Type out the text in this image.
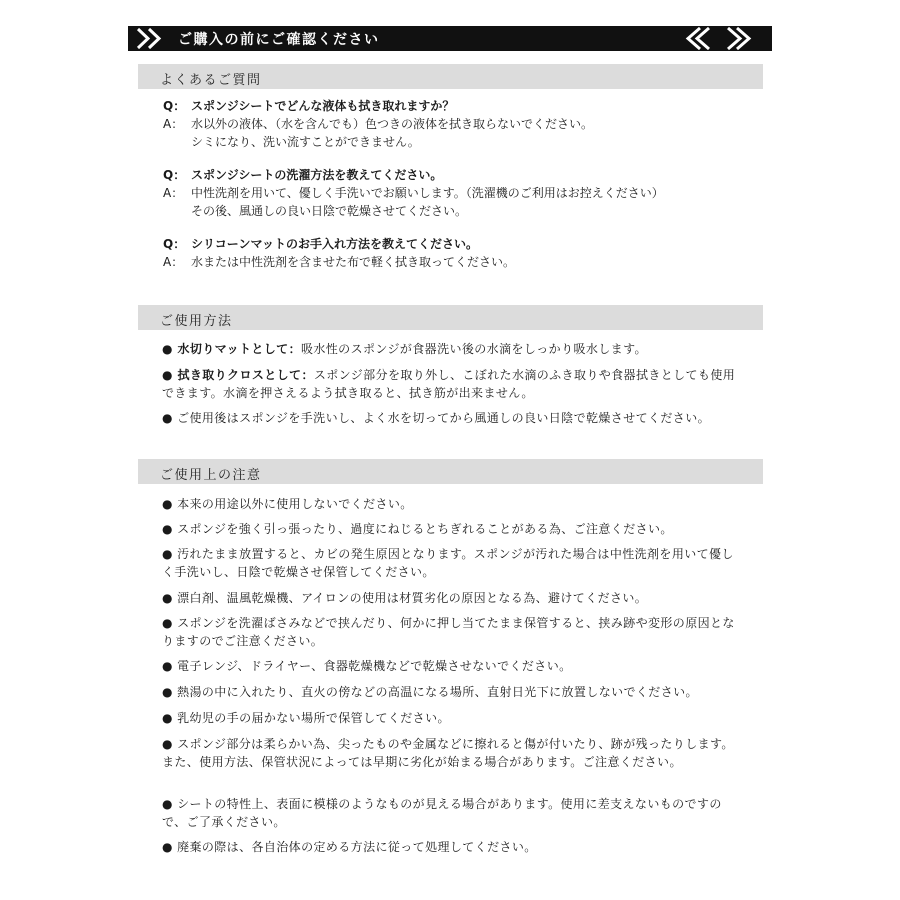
ご購入の前にご確認ください
よくあるご質問
Q： スポンジシートでどんな液体も拭き取れますか？
A： 水以外の液体、（水を含んでも）色つきの液体を拭き取らないでください。
シミになり、洗い流すことができません。
Q： スポンジシートの洗濯方法を教えてください。
A： 中性洗剤を用いて、優しく手洗いでお願いします。（洗濯機のご利用はお控えください）
その後、風通しの良い日陰で乾燥させてください。
Q： シリコーンマットのお手入れ方法を教えてください。
A： 水または中性洗剤を含ませた布で軽く拭き取ってください。
ご使用方法
● 水切りマットとして：吸水性のスポンジが食器洗い後の水滴をしっかり吸水します。
● 拭き取りクロスとして：スポンジ部分を取り外し、こぼれた水滴のふき取りや食器拭きとしても使用できます。水滴を押さえるよう拭き取ると、拭き筋が出来ません。
● ご使用後はスポンジを手洗いし、よく水を切ってから風通しの良い日陰で乾燥させてください。
ご使用上の注意
● 本来の用途以外に使用しないでください。
● スポンジを強く引っ張ったり、過度にねじるとちぎれることがある為、ご注意ください。
● 汚れたまま放置すると、カビの発生原因となります。スポンジが汚れた場合は中性洗剤を用いて優しく手洗いし、日陰で乾燥させ保管してください。
● 漂白剤、温風乾燥機、アイロンの使用は材質劣化の原因となる為、避けてください。
● スポンジを洗濯ばさみなどで挟んだり、何かに押し当てたまま保管すると、挟み跡や変形の原因となりますのでご注意ください。
● 電子レンジ、ドライヤー、食器乾燥機などで乾燥させないでください。
● 熱湯の中に入れたり、直火の傍などの高温になる場所、直射日光下に放置しないでください。
● 乳幼児の手の届かない場所で保管してください。
● スポンジ部分は柔らかい為、尖ったものや金属などに擦れると傷が付いたり、跡が残ったりします。また、使用方法、保管状況によっては早期に劣化が始まる場合があります。ご注意ください。
● シートの特性上、表面に模様のようなものが見える場合があります。使用に差支えないものですので、ご了承ください。
● 廃棄の際は、各自治体の定める方法に従って処理してください。
